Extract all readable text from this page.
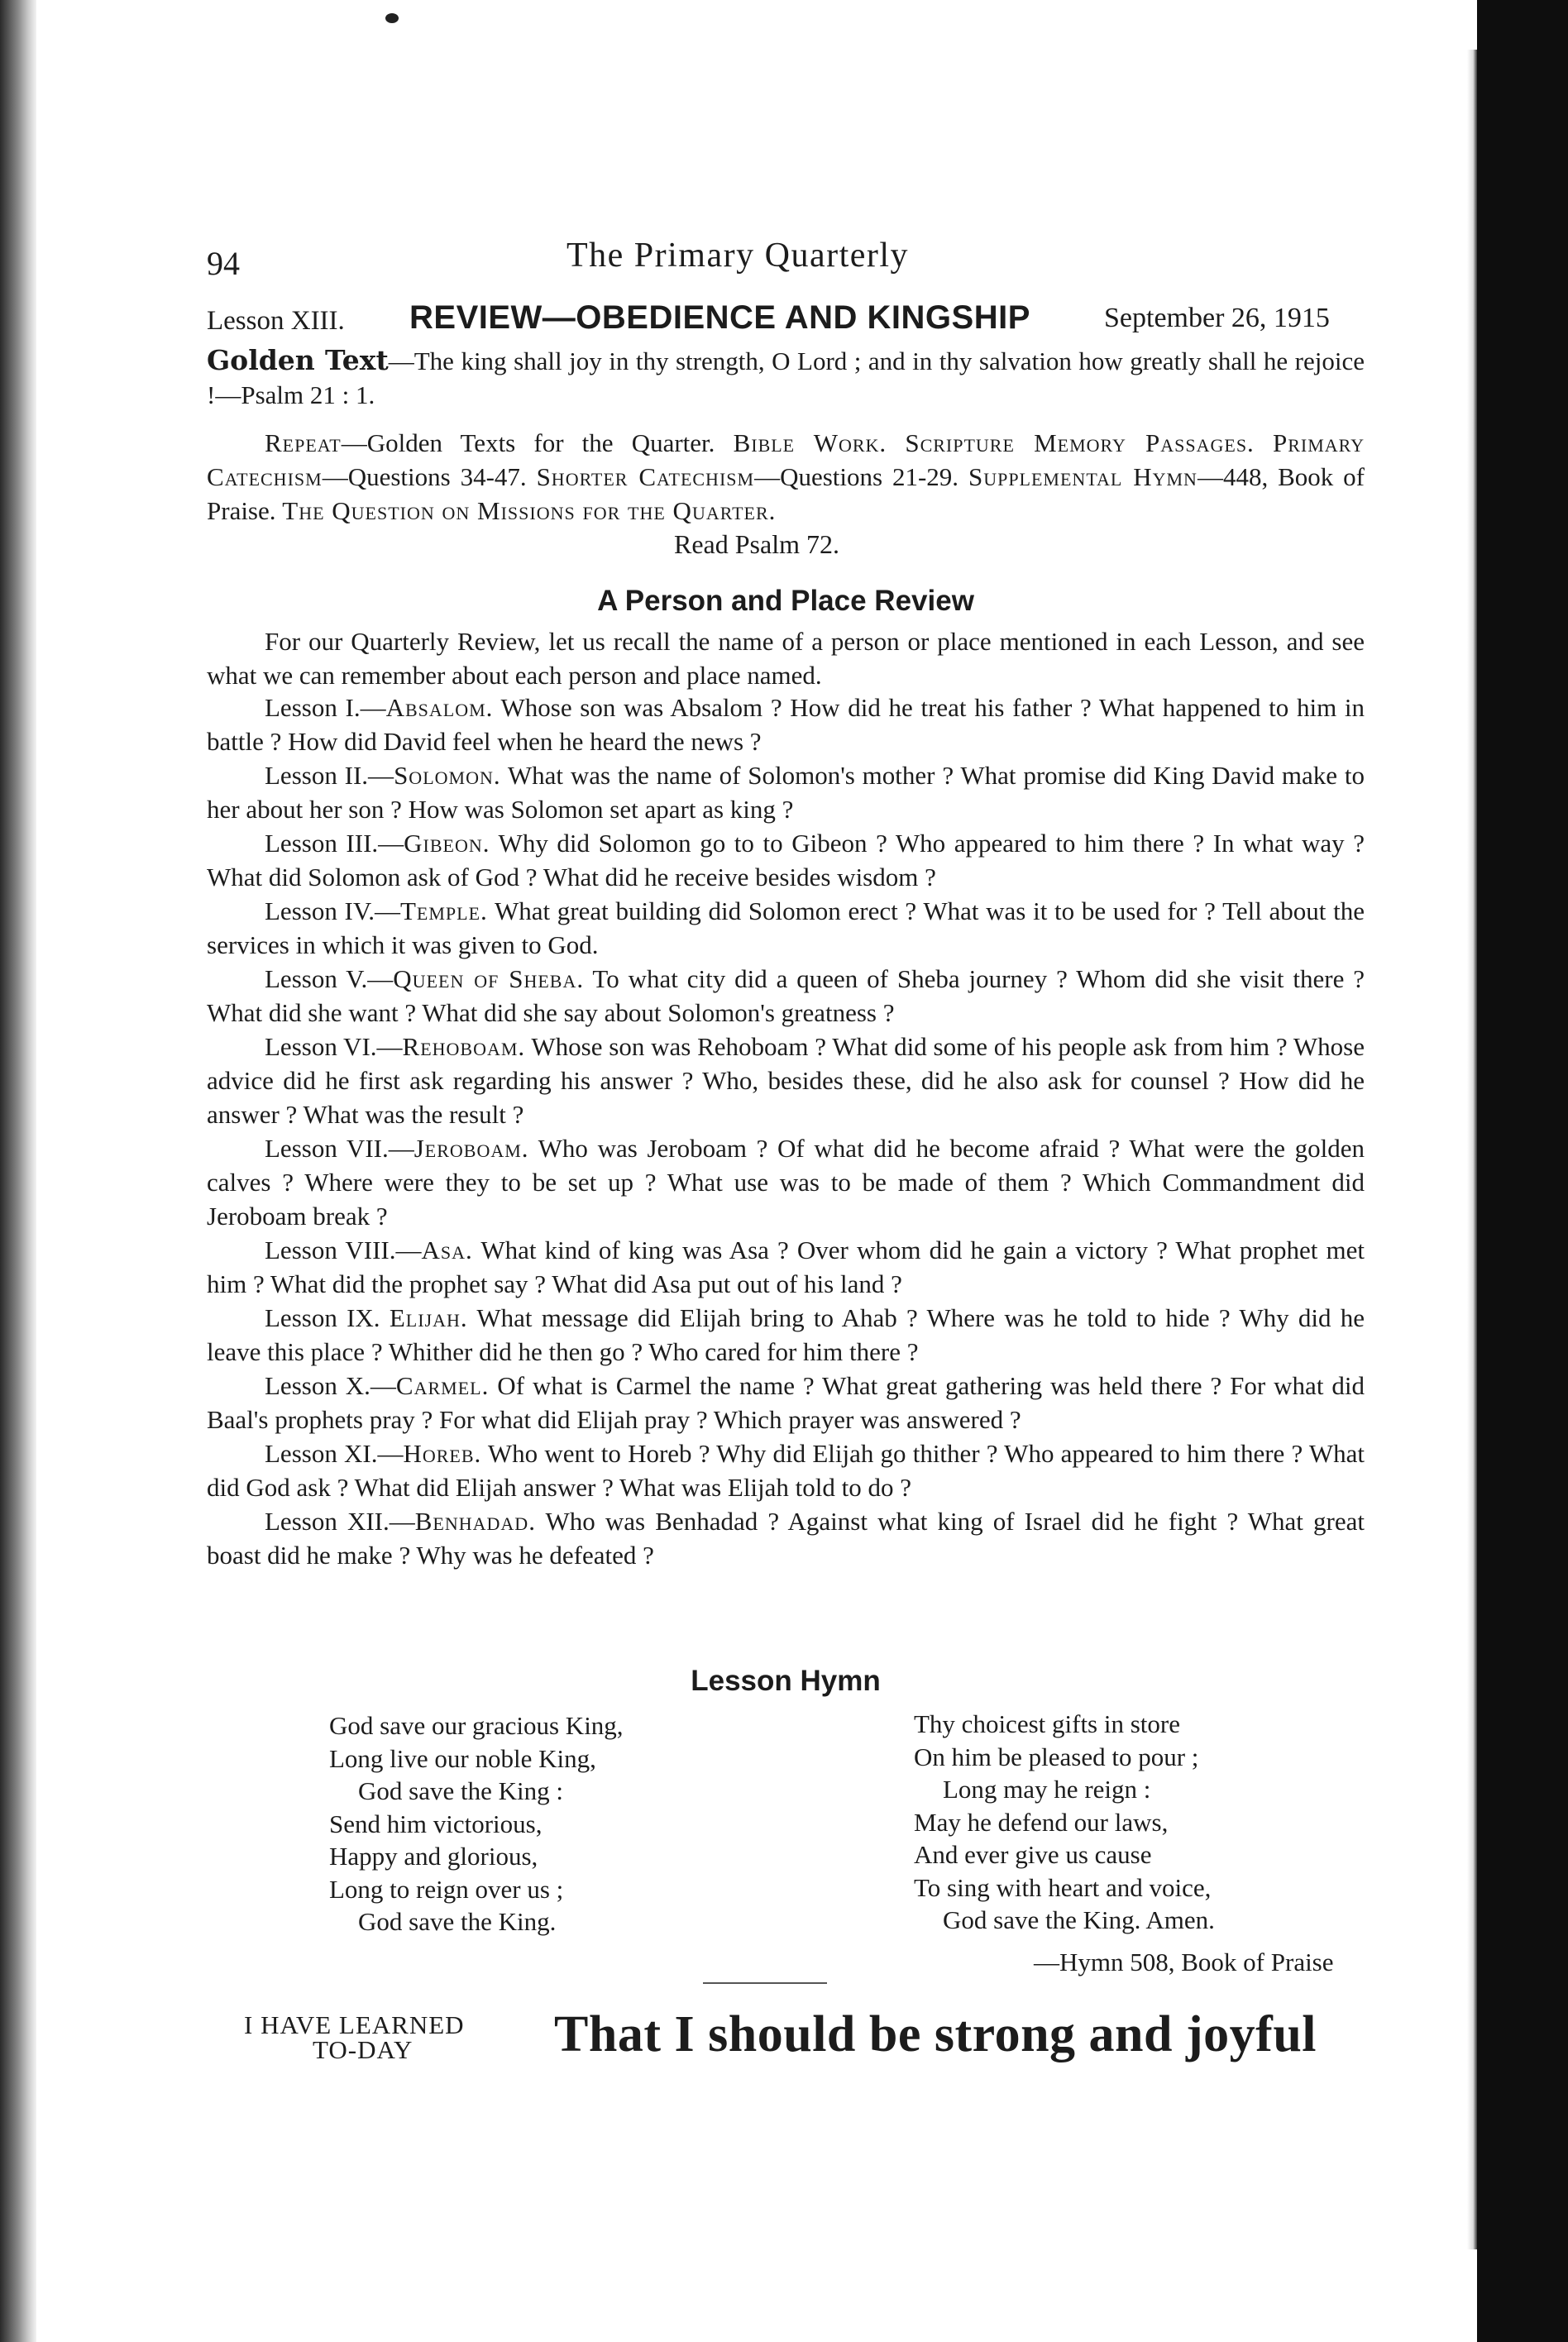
94	The Primary Quarterly
Lesson XIII. REVIEW—OBEDIENCE AND KINGSHIP	September 26, 1915
Golden Text—The king shall joy in thy strength, O Lord ; and in thy salvation how greatly shall he rejoice !—Psalm 21 : 1.
Repeat—Golden Texts for the Quarter. Bible Work. Scripture Memory Passages. Primary Catechism—Questions 34-47. Shorter Catechism—Questions 21-29. Supplemental Hymn—448, Book of Praise. The Question on Missions for the Quarter.
Read Psalm 72.
A Person and Place Review
For our Quarterly Review, let us recall the name of a person or place mentioned in each Lesson, and see what we can remember about each person and place named.

Lesson I.—Absalom. Whose son was Absalom ? How did he treat his father ? What happened to him in battle ? How did David feel when he heard the news ?

Lesson II.—Solomon. What was the name of Solomon's mother ? What promise did King David make to her about her son ? How was Solomon set apart as king ?

Lesson III.—Gibeon. Why did Solomon go to to Gibeon ? Who appeared to him there ? In what way ? What did Solomon ask of God ? What did he receive besides wisdom ?

Lesson IV.—Temple. What great building did Solomon erect ? What was it to be used for ? Tell about the services in which it was given to God.

Lesson V.—Queen of Sheba. To what city did a queen of Sheba journey ? Whom did she visit there ? What did she want ? What did she say about Solomon's greatness ?

Lesson VI.—Rehoboam. Whose son was Rehoboam ? What did some of his people ask from him ? Whose advice did he first ask regarding his answer ? Who, besides these, did he also ask for counsel ? How did he answer ? What was the result ?

Lesson VII.—Jeroboam. Who was Jeroboam ? Of what did he become afraid ? What were the golden calves ? Where were they to be set up ? What use was to be made of them ? Which Commandment did Jeroboam break ?

Lesson VIII.—Asa. What kind of king was Asa ? Over whom did he gain a victory ? What prophet met him ? What did the prophet say ? What did Asa put out of his land ?

Lesson IX. Elijah. What message did Elijah bring to Ahab ? Where was he told to hide ? Why did he leave this place ? Whither did he then go ? Who cared for him there ?

Lesson X.—Carmel. Of what is Carmel the name ? What great gathering was held there ? For what did Baal's prophets pray ? For what did Elijah pray ? Which prayer was answered ?

Lesson XI.—Horeb. Who went to Horeb ? Why did Elijah go thither ? Who appeared to him there ? What did God ask ? What did Elijah answer ? What was Elijah told to do ?

Lesson XII.—Benhadad. Who was Benhadad ? Against what king of Israel did he fight ? What great boast did he make ? Why was he defeated ?

Lesson Hymn
God save our gracious King,
Long live our noble King,
God save the King :
Send him victorious,
Happy and glorious,
Long to reign over us ;
God save the King.
Thy choicest gifts in store
On him be pleased to pour ;
Long may he reign :
May he defend our laws,
And ever give us cause
To sing with heart and voice,
God save the King. Amen.
—Hymn 508, Book of Praise
I HAVE LEARNED
TO-DAY	That I should be strong and joyful
